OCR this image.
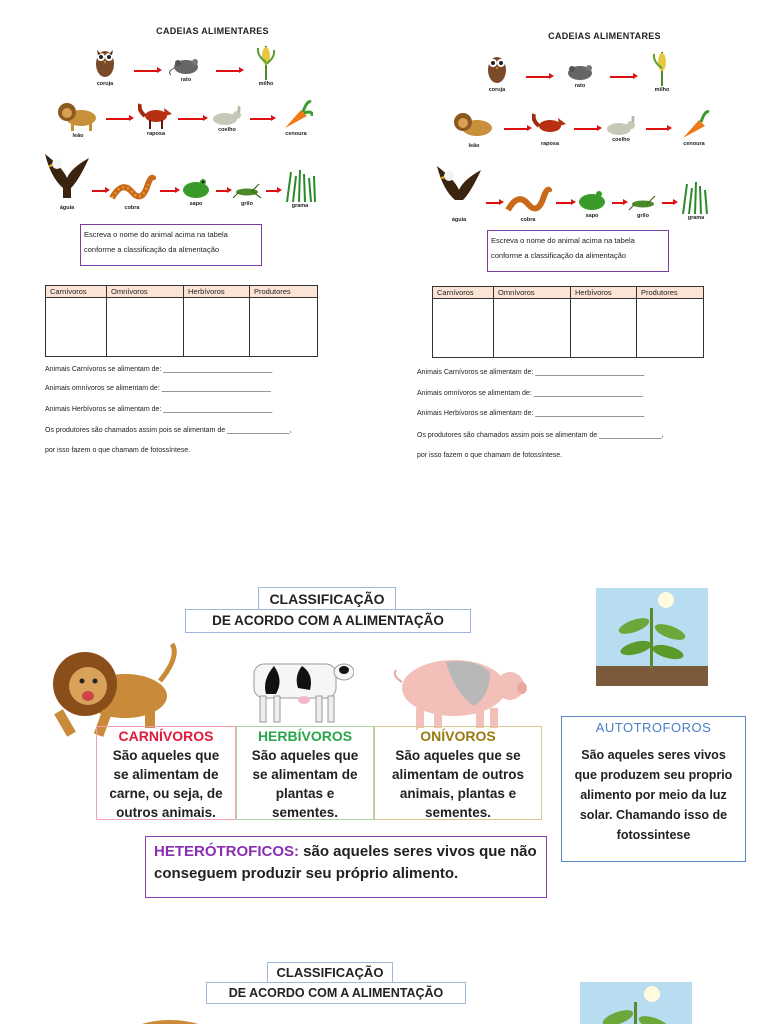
CADEIAS ALIMENTARES
coruja
rato
milho
leão	raposa
coelho
cenoura
águia	cobra
sapo	grilo	grama
Escreva o nome do animal acima na tabela
conforme a classificação da alimentação
Carnívoros	Omnívoros	Herbívoros	Produtores

Animais Carnívoros se alimentam de: ____________________________
Animais omnívoros se alimentam de: ____________________________
Animais Herbívoros se alimentam de: ____________________________
Os produtores são chamados assim pois se alimentam de ________________,
por isso fazem o que chamam de fotossíntese.
CADEIAS ALIMENTARES
coruja
rato
milho
leão	raposa
coelho
cenoura
águia	cobra
sapo	grilo	grama
Escreva o nome do animal acima na tabela
conforme a classificação da alimentação
Carnívoros	Omnívoros	Herbívoros	Produtores

Animais Carnívoros se alimentam de: ____________________________
Animais omnívoros se alimentam de: ____________________________
Animais Herbívoros se alimentam de: ____________________________
Os produtores são chamados assim pois se alimentam de ________________,
por isso fazem o que chamam de fotossíntese.
CLASSIFICAÇÃO
DE ACORDO COM A ALIMENTAÇÃO
CARNÍVOROS
São aqueles que
se alimentam de
carne, ou seja, de
outros animais.
HERBÍVOROS
São aqueles que
se alimentam de
plantas e
sementes.
ONÍVOROS
São aqueles que se
alimentam de outros
animais, plantas e
sementes.
AUTOTROFOROS
São aqueles seres vivos
que produzem seu proprio
alimento por meio da luz
solar. Chamando isso de
fotossintese
HETERÓTROFICOS: são aqueles seres vivos que não conseguem produzir seu próprio alimento.
CLASSIFICAÇÃO
DE ACORDO COM A ALIMENTAÇÃO
